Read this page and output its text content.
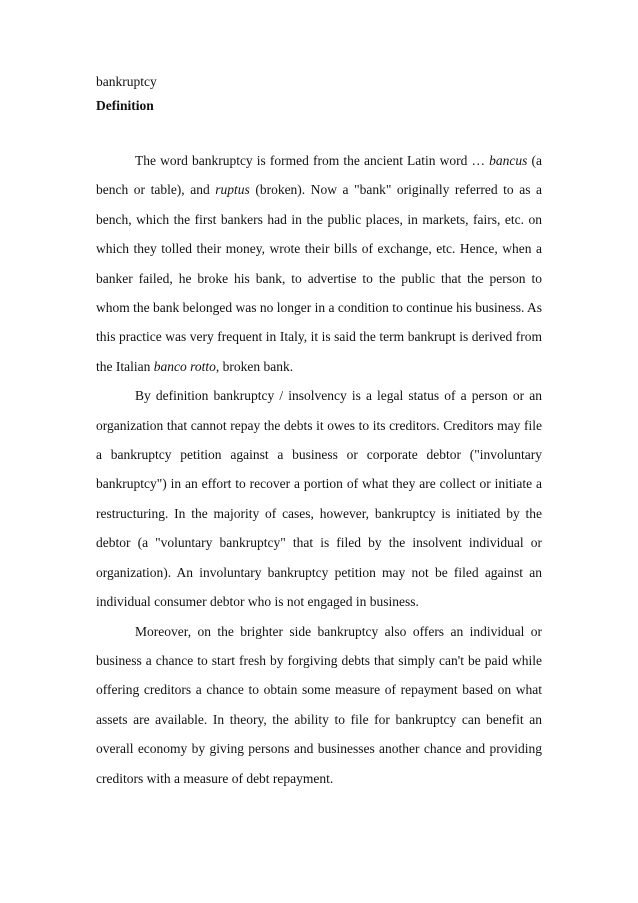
bankruptcy

Definition

The word bankruptcy is formed from the ancient Latin word … bancus (a bench or table), and ruptus (broken). Now a "bank" originally referred to as a bench, which the first bankers had in the public places, in markets, fairs, etc. on which they tolled their money, wrote their bills of exchange, etc. Hence, when a banker failed, he broke his bank, to advertise to the public that the person to whom the bank belonged was no longer in a condition to continue his business. As this practice was very frequent in Italy, it is said the term bankrupt is derived from the Italian banco rotto, broken bank.

By definition bankruptcy / insolvency is a legal status of a person or an organization that cannot repay the debts it owes to its creditors. Creditors may file a bankruptcy petition against a business or corporate debtor ("involuntary bankruptcy") in an effort to recover a portion of what they are collect or initiate a restructuring. In the majority of cases, however, bankruptcy is initiated by the debtor (a "voluntary bankruptcy" that is filed by the insolvent individual or organization). An involuntary bankruptcy petition may not be filed against an individual consumer debtor who is not engaged in business.

Moreover, on the brighter side bankruptcy also offers an individual or business a chance to start fresh by forgiving debts that simply can't be paid while offering creditors a chance to obtain some measure of repayment based on what assets are available. In theory, the ability to file for bankruptcy can benefit an overall economy by giving persons and businesses another chance and providing creditors with a measure of debt repayment.
